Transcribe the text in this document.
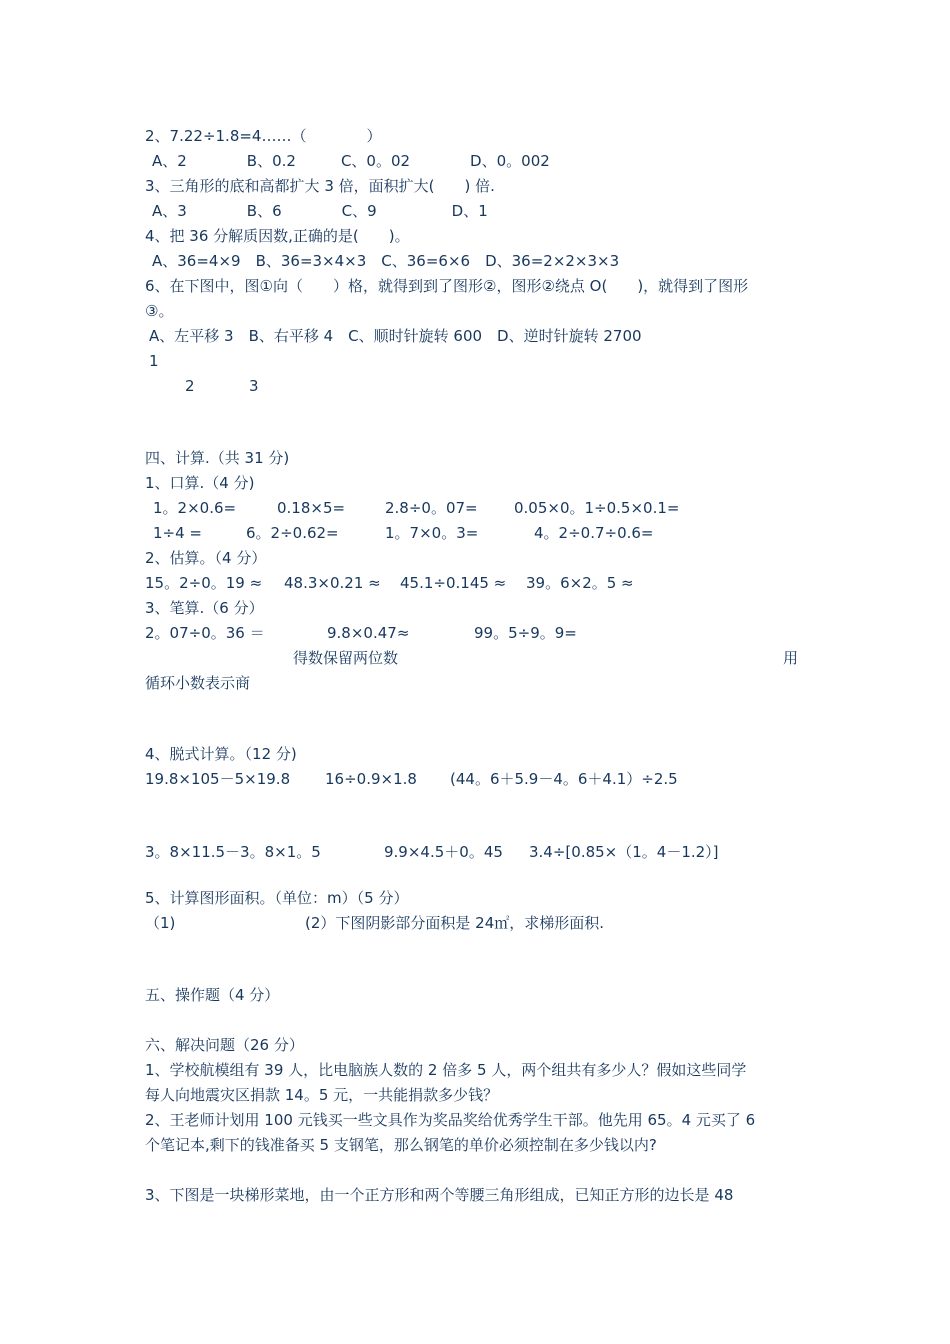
2、7.22÷1.8=4……（　　　　）
A、2　　　　B、0.2　　　C、0。02　　　　D、0。002
3、三角形的底和高都扩大 3 倍，面积扩大(　　) 倍.
A、3　　　　B、6　　　　C、9　　　　　D、1
4、把 36 分解质因数,正确的是(　　)。
A、36=4×9　B、36=3×4×3　C、36=6×6　D、36=2×2×3×3
6、在下图中，图①向（　　）格，就得到到了图形②，图形②绕点 O(　　)，就得到了图形
③。
A、左平移 3　B、右平移 4　C、顺时针旋转 600　D、逆时针旋转 2700
1
2	3
四、计算.（共 31 分)
1、口算.（4 分)
1。2×0.6=	0.18×5=	2.8÷0。07= 0.05×0。1÷0.5×0.1=
1÷4 =	6。2÷0.62=	1。7×0。3=	4。2÷0.7÷0.6=
2、估算。（4 分）
15。2÷0。19 ≈ 48.3×0.21 ≈ 45.1÷0.145 ≈ 39。6×2。5 ≈
3、笔算.（6 分）
2。07÷0。36 ＝	9.8×0.47≈	99。5÷9。9=
得数保留两位数	用
循环小数表示商
4、脱式计算。（12 分)
19.8×105－5×19.8 16÷0.9×1.8 (44。6＋5.9－4。6＋4.1）÷2.5
3。8×11.5－3。8×1。5	9.9×4.5＋0。45 3.4÷[0.85×（1。4－1.2）]
5、计算图形面积。（单位：m）（5 分）
（1)	(2）下图阴影部分面积是 24㎡，求梯形面积.
五、操作题（4 分）
六、解决问题（26 分）
1、学校航模组有 39 人，比电脑族人数的 2 倍多 5 人，两个组共有多少人？假如这些同学
每人向地震灾区捐款 14。5 元，一共能捐款多少钱？
2、王老师计划用 100 元钱买一些文具作为奖品奖给优秀学生干部。他先用 65。4 元买了 6
个笔记本,剩下的钱准备买 5 支钢笔，那么钢笔的单价必须控制在多少钱以内?
3、下图是一块梯形菜地，由一个正方形和两个等腰三角形组成，已知正方形的边长是 48
